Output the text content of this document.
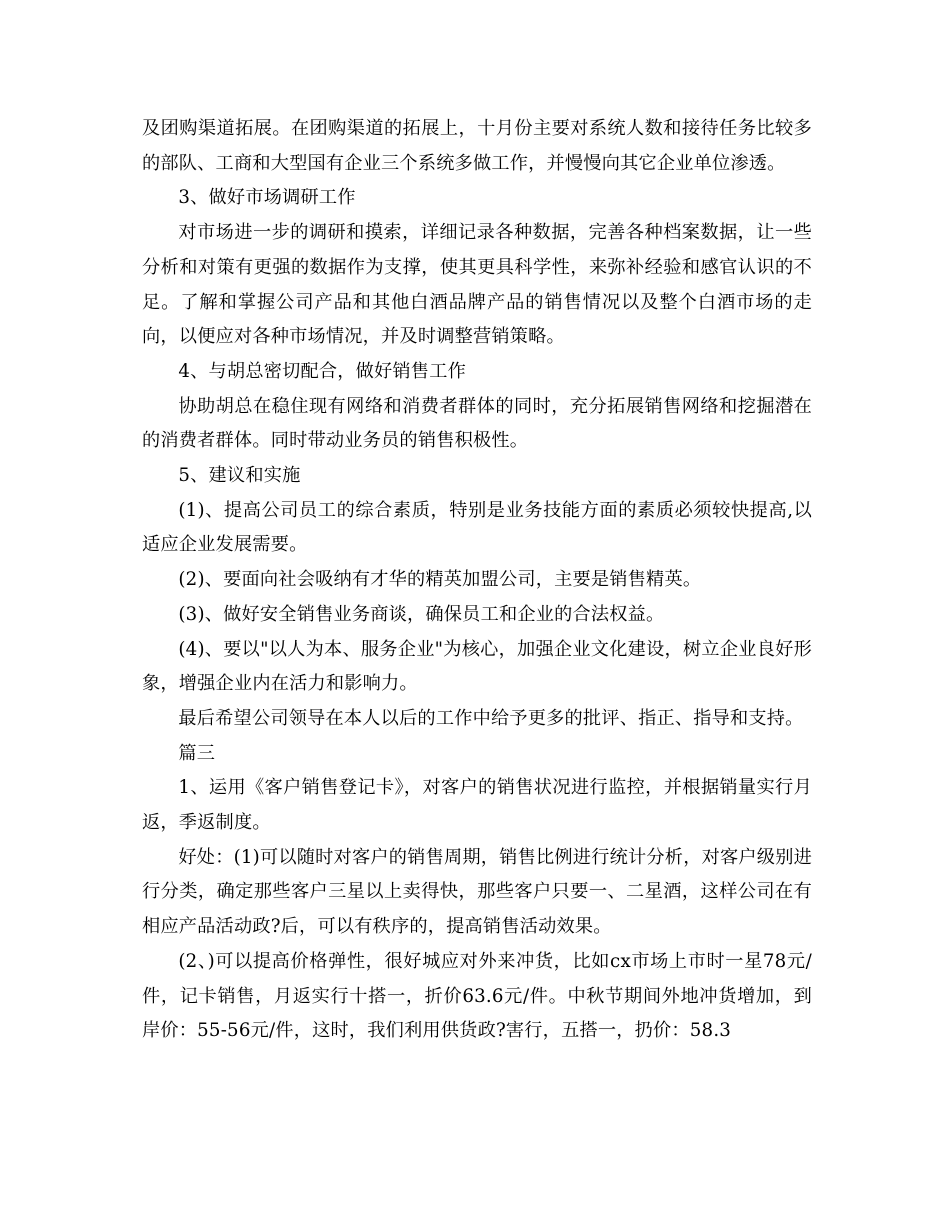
及团购渠道拓展。在团购渠道的拓展上，十月份主要对系统人数和接待任务比较多的部队、工商和大型国有企业三个系统多做工作，并慢慢向其它企业单位渗透。

3、做好市场调研工作

对市场进一步的调研和摸索，详细记录各种数据，完善各种档案数据，让一些分析和对策有更强的数据作为支撑，使其更具科学性，来弥补经验和感官认识的不足。了解和掌握公司产品和其他白酒品牌产品的销售情况以及整个白酒市场的走向，以便应对各种市场情况，并及时调整营销策略。

4、与胡总密切配合，做好销售工作

协助胡总在稳住现有网络和消费者群体的同时，充分拓展销售网络和挖掘潜在的消费者群体。同时带动业务员的销售积极性。

5、建议和实施

(1)、提高公司员工的综合素质，特别是业务技能方面的素质必须较快提高,以适应企业发展需要。

(2)、要面向社会吸纳有才华的精英加盟公司，主要是销售精英。

(3)、做好安全销售业务商谈，确保员工和企业的合法权益。

(4)、要以"以人为本、服务企业"为核心，加强企业文化建设，树立企业良好形象，增强企业内在活力和影响力。

最后希望公司领导在本人以后的工作中给予更多的批评、指正、指导和支持。

篇三

1、运用《客户销售登记卡》，对客户的销售状况进行监控，并根据销量实行月返，季返制度。

好处：(1)可以随时对客户的销售周期，销售比例进行统计分析，对客户级别进行分类，确定那些客户三星以上卖得快，那些客户只要一、二星酒，这样公司在有相应产品活动政?后，可以有秩序的，提高销售活动效果。

(2、)可以提高价格弹性，很好城应对外来冲货，比如cx市场上市时一星78元/件，记卡销售，月返实行十搭一，折价63.6元/件。中秋节期间外地冲货增加，到岸价：55-56元/件，这时，我们利用供货政?害行，五搭一，扔价：58.3
